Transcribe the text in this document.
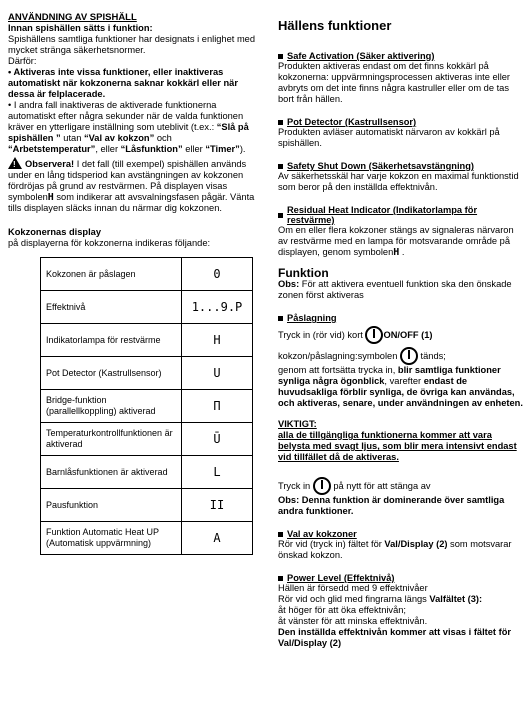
ANVÄNDNING AV SPISHÄLL
Innan spishällen sätts i funktion:

Spishällens samtliga funktioner har designats i enlighet med mycket stränga säkerhetsnormer.

Därför:

• Aktiveras inte vissa funktioner, eller inaktiveras automatiskt när kokzonerna saknar kokkärl eller när dessa är felplacerade.

• I andra fall inaktiveras de aktiverade funktionerna automatiskt efter några sekunder när de valda funktionen kräver en ytterligare inställning som uteblivit (t.ex.: “Slå på spishällen ” utan “Val av kokzon” och “Arbetstemperatur”, eller “Låsfunktion” eller “Timer”).

!Observera! I det fall (till exempel) spishällen används under en lång tidsperiod kan avstängningen av kokzonen fördröjas på grund av restvärmen. På displayen visas symbolenH som indikerar att avsvalningsfasen pågär. Vänta tills displayen släcks innan du närmar dig kokzonen.

Kokzonernas display
på displayerna för kokzonerna indikeras följande:
Kokzonen är påslagen	0
Effektnivå	1...9.P
Indikatorlampa för restvärme	H
Pot Detector (Kastrullsensor)	U
Bridge-funktion (parallellkoppling) aktiverad	Π
Temperaturkontrollfunktionen är aktiverad	Ū
Barnlåsfunktionen är aktiverad	L
Pausfunktion	II
Funktion Automatic Heat UP (Automatisk uppvärmning)	A
Hällens funktioner
Safe Activation (Säker aktivering)

Produkten aktiveras endast om det finns kokkärl på kokzonerna: uppvärmningsprocessen aktiveras inte eller avbryts om det inte finns några kastruller eller om de tas bort från hällen.

Pot Detector (Kastrullsensor)

Produkten avläser automatiskt närvaron av kokkärl på spishällen.

Safety Shut Down (Säkerhetsavstängning)

Av säkerhetsskäl har varje kokzon en maximal funktionstid som beror på den inställda effektnivån.

Residual Heat Indicator (Indikatorlampa för restvärme)

Om en eller flera kokzoner stängs av signaleras närvaron av restvärme med en lampa för motsvarande område på displayen, genom symbolenH .

Funktion

Obs: För att aktivera eventuell funktion ska den önskade zonen först aktiveras

Påslagning

Tryck in (rör vid) kort ON/OFF (1)

kokzon/påslagning:symbolen  tänds;

genom att fortsätta trycka in, blir samtliga funktioner synliga några ögonblick, varefter endast de huvudsakliga förblir synliga, de övriga kan användas, och aktiveras, senare, under användningen av enheten.

VIKTIGT:

alla de tillgängliga funktionerna kommer att vara belysta med svagt ljus, som blir mera intensivt endast vid tillfället då de aktiveras.

Tryck in  på nytt för att stänga av

Obs: Denna funktion är dominerande över samtliga andra funktioner.

Val av kokzoner

Rör vid (tryck in) fältet för Val/Display (2) som motsvarar önskad kokzon.

Power Level (Effektnivå)

Hällen är försedd med 9 effektnivåer

Rör vid och glid med fingrarna längs Valfältet (3):

åt höger för att öka effektnivån;

åt vänster för att minska effektnivån.

Den inställda effektnivån kommer att visas i fältet för Val/Display (2)
